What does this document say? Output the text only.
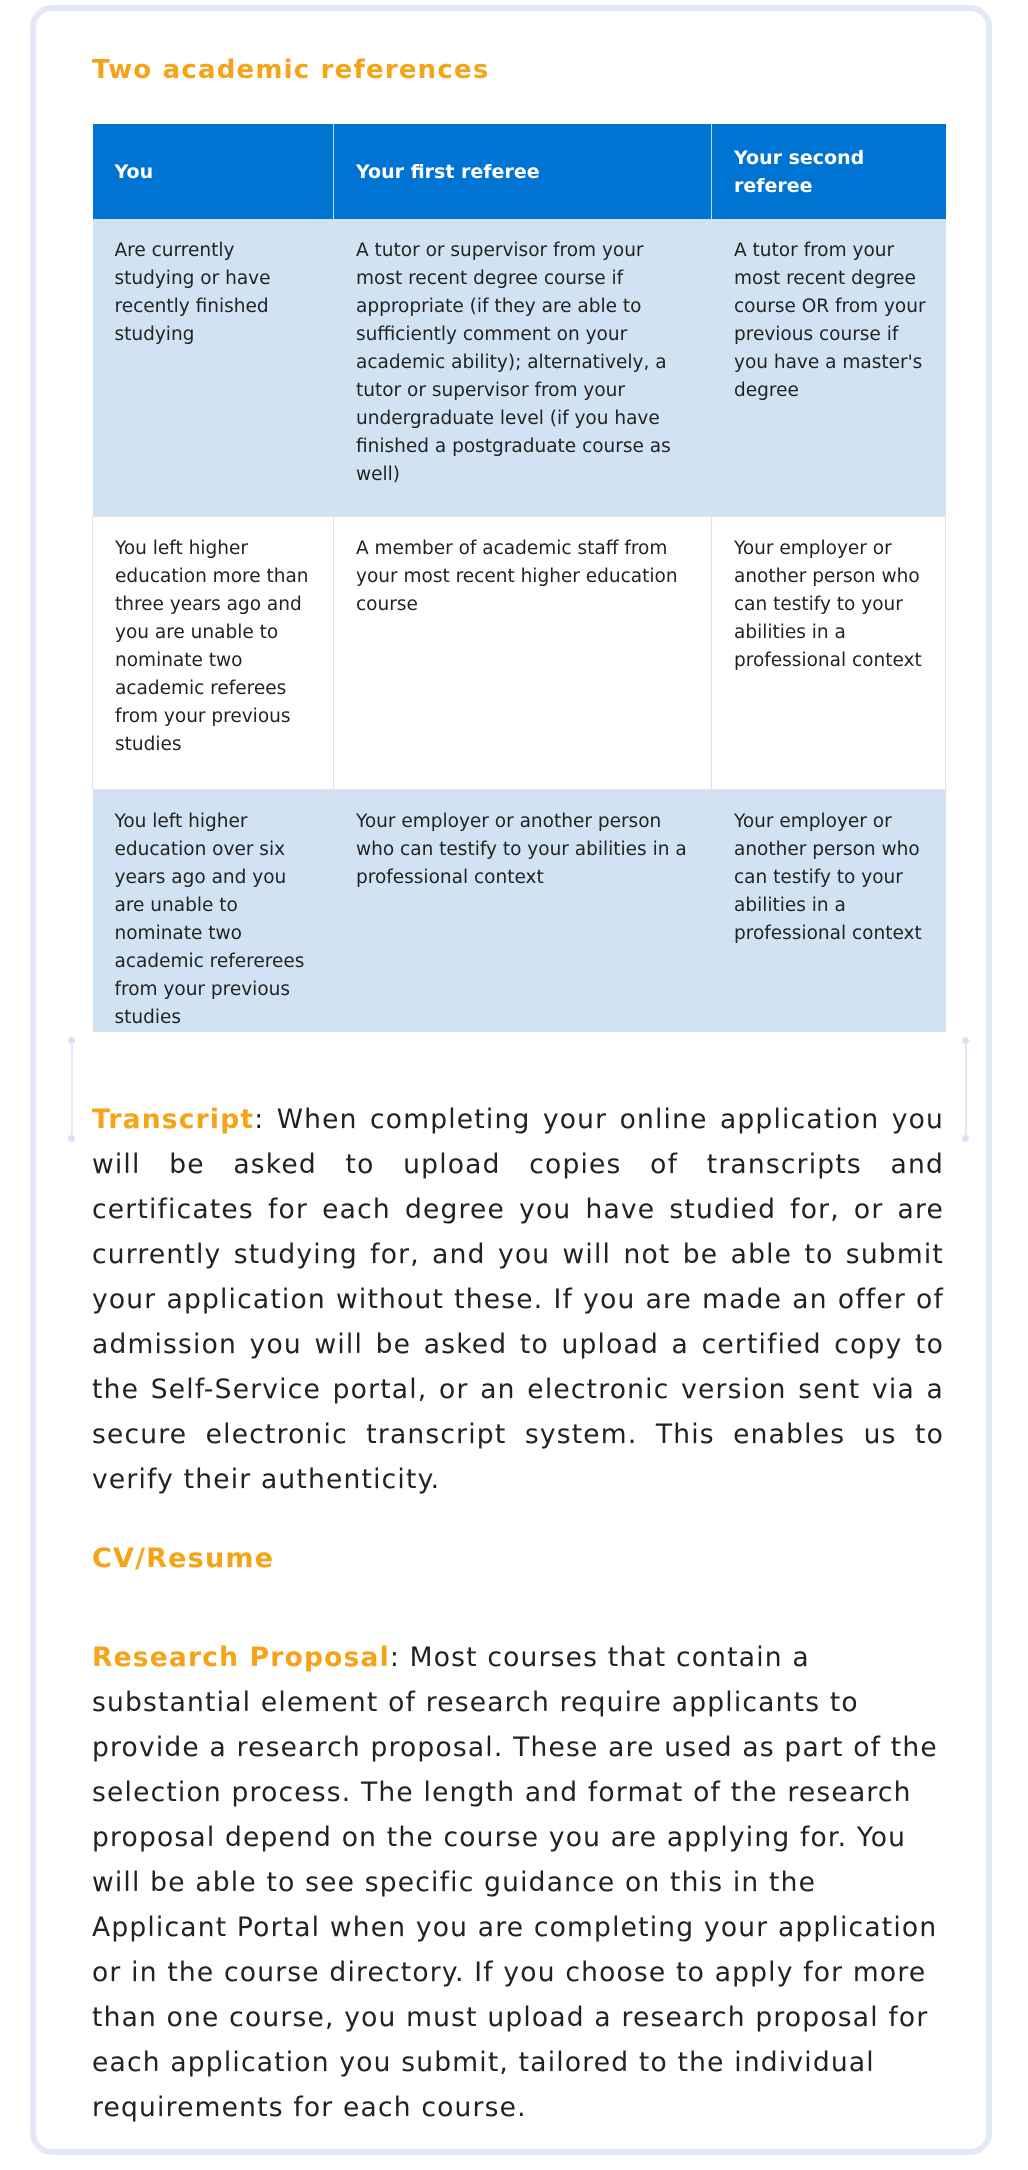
Two academic references
You	Your first referee	Your second referee
Are currently studying or have recently finished studying	A tutor or supervisor from your most recent degree course if appropriate (if they are able to sufficiently comment on your academic ability); alternatively, a tutor or supervisor from your undergraduate level (if you have finished a postgraduate course as well)	A tutor from your most recent degree course OR from your previous course if you have a master's degree
You left higher education more than three years ago and you are unable to nominate two academic referees from your previous studies	A member of academic staff from your most recent higher education course	Your employer or another person who can testify to your abilities in a professional context
You left higher education over six years ago and you are unable to nominate two academic refererees from your previous studies	Your employer or another person who can testify to your abilities in a professional context	Your employer or another person who can testify to your abilities in a professional context

Transcript: When completing your online application you will be asked to upload copies of transcripts and certificates for each degree you have studied for, or are currently studying for, and you will not be able to submit your application without these. If you are made an offer of admission you will be asked to upload a certified copy to the Self-Service portal, or an electronic version sent via a secure electronic transcript system. This enables us to verify their authenticity.

CV/Resume

Research Proposal: Most courses that contain a substantial element of research require applicants to provide a research proposal. These are used as part of the selection process. The length and format of the research proposal depend on the course you are applying for. You will be able to see specific guidance on this in the Applicant Portal when you are completing your application or in the course directory. If you choose to apply for more than one course, you must upload a research proposal for each application you submit, tailored to the individual requirements for each course.
